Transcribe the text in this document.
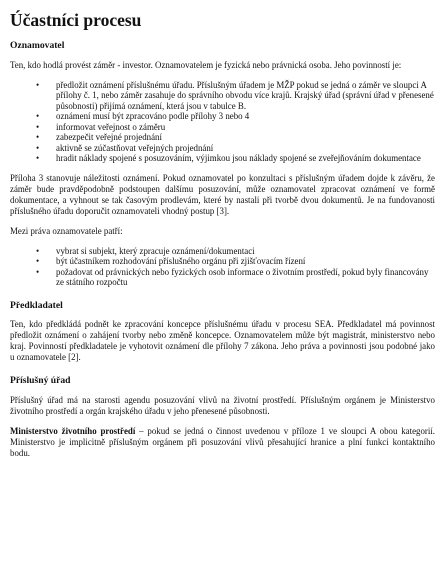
Účastníci procesu
Oznamovatel

Ten, kdo hodlá provést záměr - investor. Oznamovatelem je fyzická nebo právnická osoba. Jeho povinností je:

• předložit oznámení příslušnému úřadu. Příslušným úřadem je MŽP pokud se jedná o záměr ve sloupci A přílohy č. 1, nebo záměr zasahuje do správního obvodu více krajů. Krajský úřad (správní úřad v přenesené působnosti) přijímá oznámení, která jsou v tabulce B.
• oznámení musí být zpracováno podle přílohy 3 nebo 4
• informovat veřejnost o záměru
• zabezpečit veřejné projednání
• aktivně se zúčastňovat veřejných projednání
• hradit náklady spojené s posuzováním, výjimkou jsou náklady spojené se zveřejňováním dokumentace

Příloha 3 stanovuje náležitosti oznámení. Pokud oznamovatel po konzultaci s příslušným úřadem dojde k závěru, že záměr bude pravděpodobně podstoupen dalšímu posuzování, může oznamovatel zpracovat oznámení ve formě dokumentace, a vyhnout se tak časovým prodlevám, které by nastali při tvorbě dvou dokumentů. Je na fundovanosti příslušného úřadu doporučit oznamovateli vhodný postup [3].

Mezi práva oznamovatele patří:

• vybrat si subjekt, který zpracuje oznámení/dokumentaci
• být účastníkem rozhodování příslušného orgánu při zjišťovacím řízení
• požadovat od právnických nebo fyzických osob informace o životním prostředí, pokud byly financovány ze státního rozpočtu
Předkladatel

Ten, kdo předkládá podnět ke zpracování koncepce příslušnému úřadu v procesu SEA. Předkladatel má povinnost předložit oznámení o zahájení tvorby nebo změně koncepce. Oznamovatelem může být magistrát, ministerstvo nebo kraj. Povinností předkladatele je vyhotovit oznámení dle přílohy 7 zákona. Jeho práva a povinnosti jsou podobné jako u oznamovatele [2].

Příslušný úřad

Příslušný úřad má na starosti agendu posuzování vlivů na životní prostředí. Příslušným orgánem je Ministerstvo životního prostředí a orgán krajského úřadu v jeho přenesené působnosti.

Ministerstvo životního prostředí – pokud se jedná o činnost uvedenou v příloze 1 ve sloupci A obou kategorií. Ministerstvo je implicitně příslušným orgánem při posuzování vlivů přesahující hranice a plní funkci kontaktního bodu.
